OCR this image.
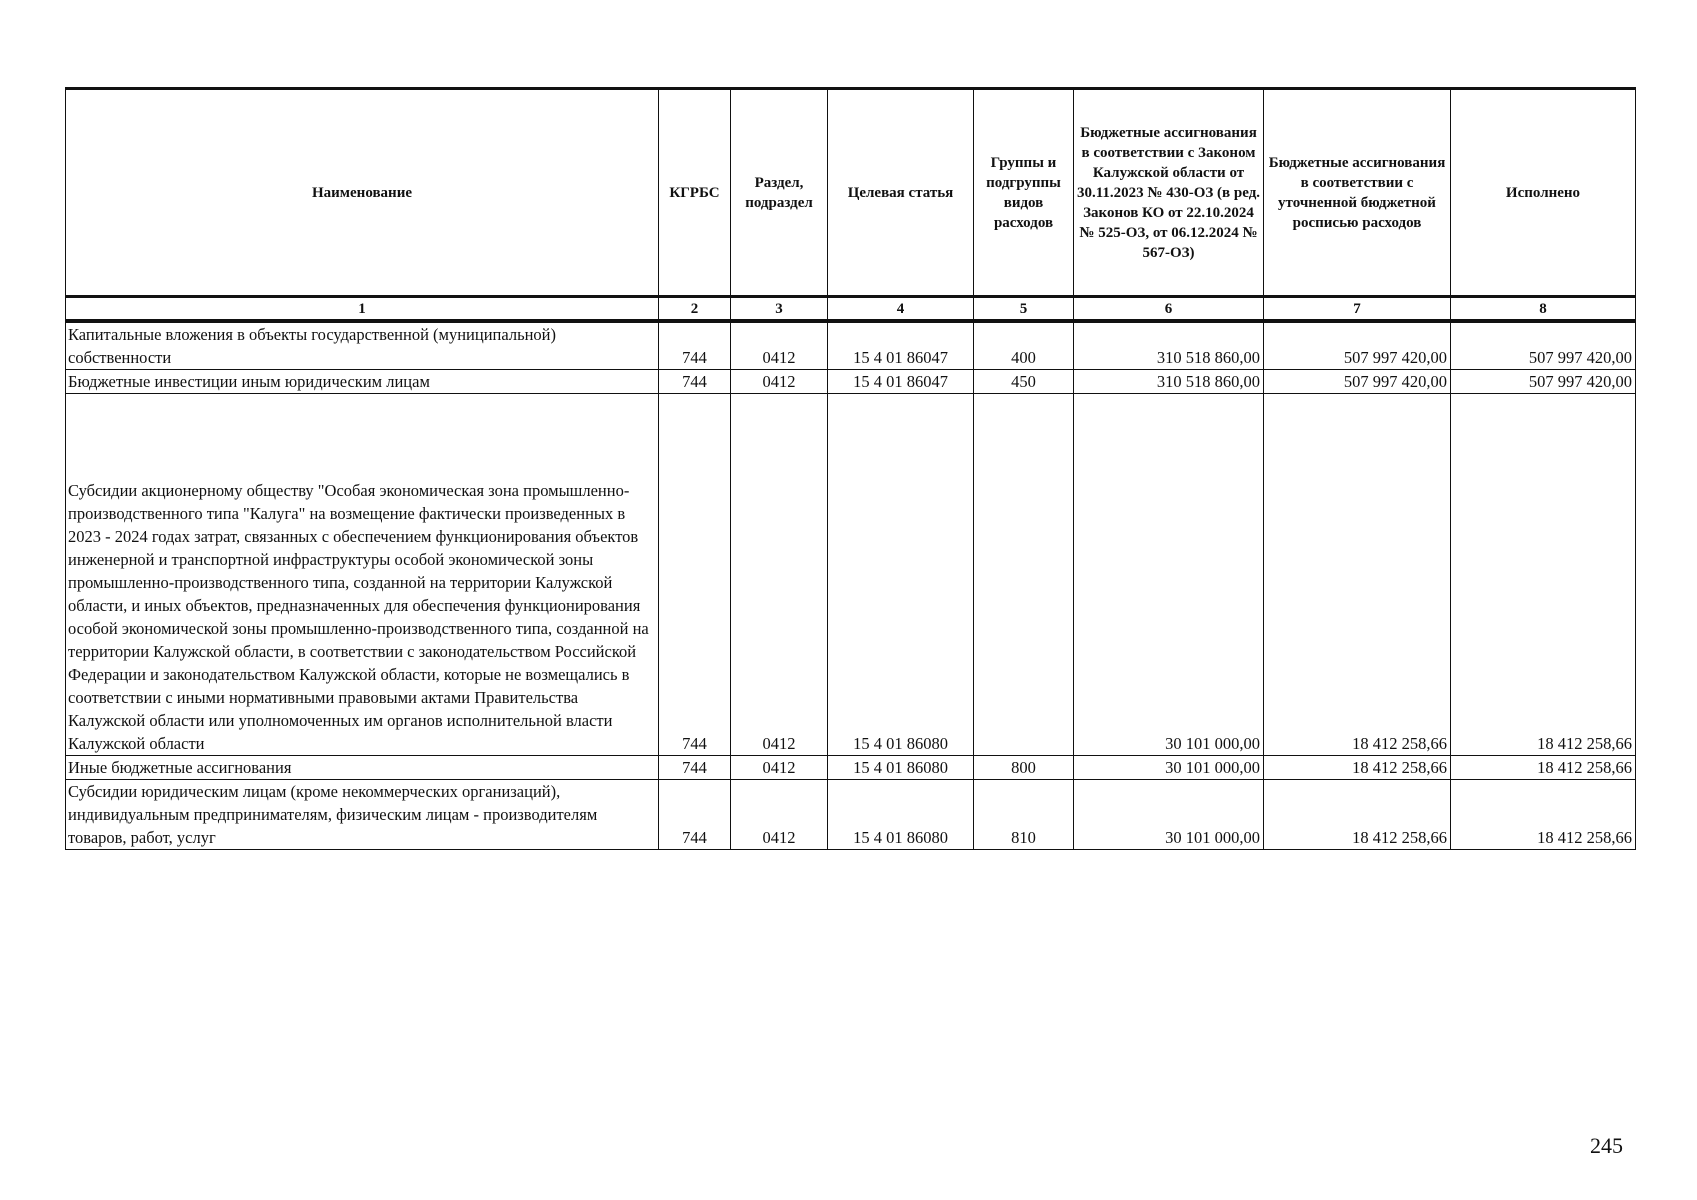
Наименование	КГРБС	Раздел, подраздел	Целевая статья	Группы и подгруппы видов расходов	Бюджетные ассигнования в соответствии с Законом Калужской области от 30.11.2023 № 430-ОЗ (в ред. Законов КО от 22.10.2024 № 525-ОЗ, от 06.12.2024 № 567-ОЗ)	Бюджетные ассигнования в соответствии с уточненной бюджетной росписью расходов	Исполнено
1	2	3	4	5	6	7	8
Капитальные вложения в объекты государственной (муниципальной) собственности	744	0412	15 4 01 86047	400	310 518 860,00	507 997 420,00	507 997 420,00
Бюджетные инвестиции иным юридическим лицам	744	0412	15 4 01 86047	450	310 518 860,00	507 997 420,00	507 997 420,00
Субсидии акционерному обществу "Особая экономическая зона промышленно-производственного типа "Калуга" на возмещение фактически произведенных в 2023 - 2024 годах затрат, связанных с обеспечением функционирования объектов инженерной и транспортной инфраструктуры особой экономической зоны промышленно-производственного типа, созданной на территории Калужской области, и иных объектов, предназначенных для обеспечения функционирования особой экономической зоны промышленно-производственного типа, созданной на территории Калужской области, в соответствии с законодательством Российской Федерации и законодательством Калужской области, которые не возмещались в соответствии с иными нормативными правовыми актами Правительства Калужской области или уполномоченных им органов исполнительной власти Калужской области	744	0412	15 4 01 86080		30 101 000,00	18 412 258,66	18 412 258,66
Иные бюджетные ассигнования	744	0412	15 4 01 86080	800	30 101 000,00	18 412 258,66	18 412 258,66
Субсидии юридическим лицам (кроме некоммерческих организаций), индивидуальным предпринимателям, физическим лицам - производителям товаров, работ, услуг	744	0412	15 4 01 86080	810	30 101 000,00	18 412 258,66	18 412 258,66
245
